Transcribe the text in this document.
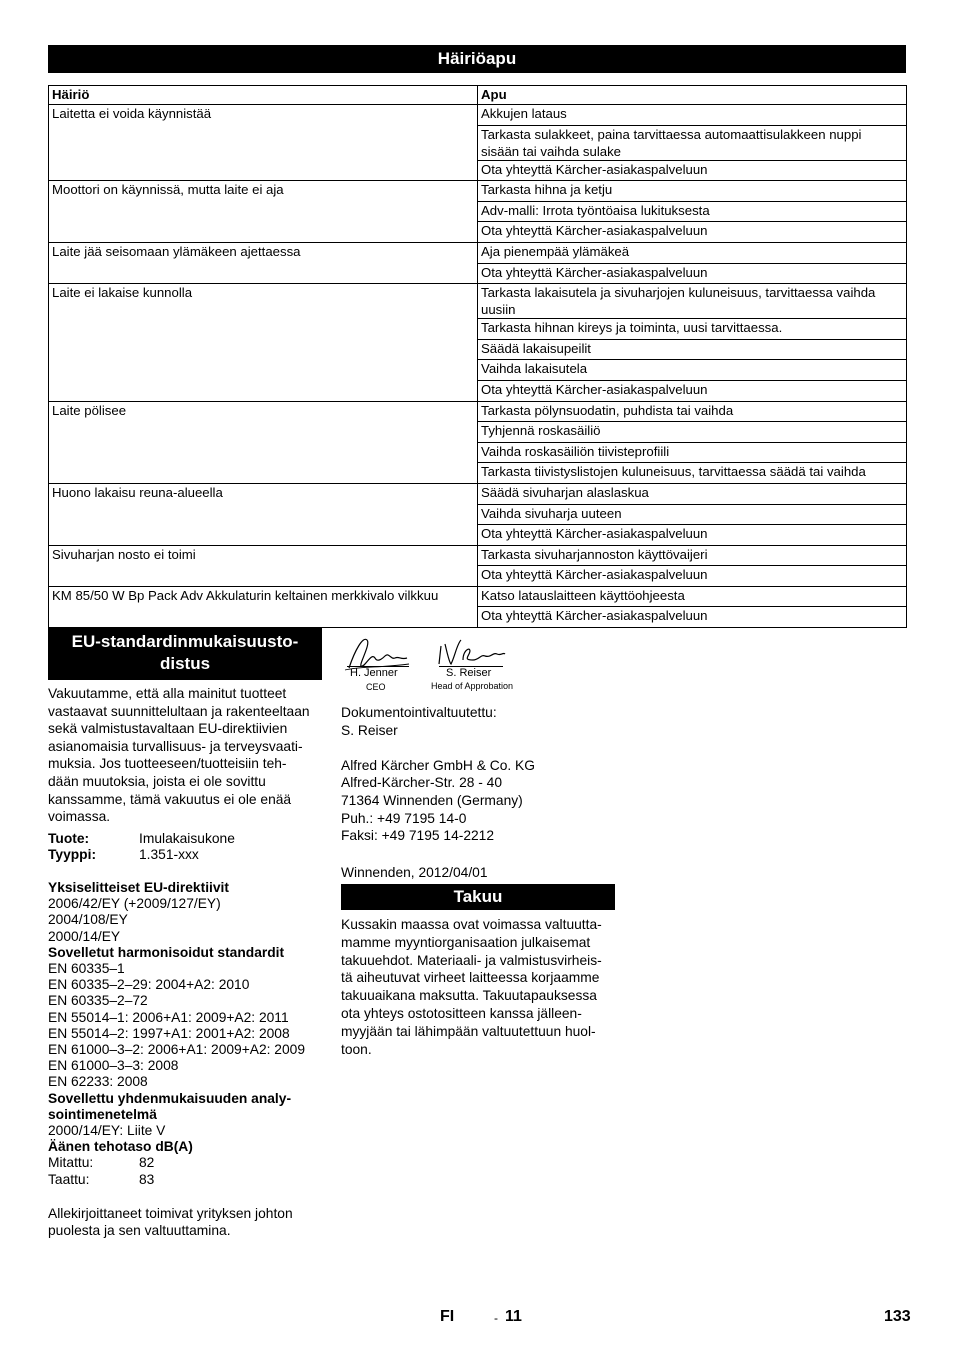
Häiriöapu
Häiriö	Apu
Laitetta ei voida käynnistää	Akkujen lataus
	Tarkasta sulakkeet, paina tarvittaessa automaattisulakkeen nuppi sisään tai vaihda sulake
	Ota yhteyttä Kärcher-asiakaspalveluun
Moottori on käynnissä, mutta laite ei aja	Tarkasta hihna ja ketju
	Adv-malli: Irrota työntöaisa lukituksesta
	Ota yhteyttä Kärcher-asiakaspalveluun
Laite jää seisomaan ylämäkeen ajettaessa	Aja pienempää ylämäkeä
	Ota yhteyttä Kärcher-asiakaspalveluun
Laite ei lakaise kunnolla	Tarkasta lakaisutela ja sivuharjojen kuluneisuus, tarvittaessa vaihda uusiin
	Tarkasta hihnan kireys ja toiminta, uusi tarvittaessa.
	Säädä lakaisupeilit
	Vaihda lakaisutela
	Ota yhteyttä Kärcher-asiakaspalveluun
Laite pölisee	Tarkasta pölynsuodatin, puhdista tai vaihda
	Tyhjennä roskasäiliö
	Vaihda roskasäiliön tiivisteprofiili
	Tarkasta tiivistyslistojen kuluneisuus, tarvittaessa säädä tai vaihda
Huono lakaisu reuna-alueella	Säädä sivuharjan alaslaskua
	Vaihda sivuharja uuteen
	Ota yhteyttä Kärcher-asiakaspalveluun
Sivuharjan nosto ei toimi	Tarkasta sivuharjannoston käyttövaijeri
	Ota yhteyttä Kärcher-asiakaspalveluun
KM 85/50 W Bp Pack Adv Akkulaturin keltainen merkkivalo vilkkuu	Katso latauslaitteen käyttöohjeesta
	Ota yhteyttä Kärcher-asiakaspalveluun
EU-standardinmukaisuusto-
distus
Vakuutamme, että alla mainitut tuotteet
vastaavat suunnittelultaan ja rakenteeltaan
sekä valmistustavaltaan EU-direktiivien
asianomaisia turvallisuus- ja terveysvaati-
muksia. Jos tuotteeseen/tuotteisiin teh-
dään muutoksia, joista ei ole sovittu
kanssamme, tämä vakuutus ei ole enää
voimassa.
Tuote:	Imulakaisukone
Tyyppi:	1.351-xxx
Yksiselitteiset EU-direktiivit
2006/42/EY (+2009/127/EY)
2004/108/EY
2000/14/EY
Sovelletut harmonisoidut standardit
EN 60335–1
EN 60335–2–29: 2004+A2: 2010
EN 60335–2–72
EN 55014–1: 2006+A1: 2009+A2: 2011
EN 55014–2: 1997+A1: 2001+A2: 2008
EN 61000–3–2: 2006+A1: 2009+A2: 2009
EN 61000–3–3: 2008
EN 62233: 2008
Sovellettu yhdenmukaisuuden analy-
sointimenetelmä
2000/14/EY: Liite V
Äänen tehotaso dB(A)
Mitattu:	82
Taattu:	83
Allekirjoittaneet toimivat yrityksen johton
puolesta ja sen valtuuttamina.
H. Jenner
CEO
S. Reiser
Head of Approbation
Dokumentointivaltuutettu:
S. Reiser
Alfred Kärcher GmbH & Co. KG
Alfred-Kärcher-Str. 28 - 40
71364 Winnenden (Germany)
Puh.: +49 7195 14-0
Faksi: +49 7195 14-2212
Winnenden, 2012/04/01
Takuu
Kussakin maassa ovat voimassa valtuutta-
mamme myyntiorganisaation julkaisemat
takuuehdot. Materiaali- ja valmistusvirheis-
tä aiheutuvat virheet laitteessa korjaamme
takuuaikana maksutta. Takuutapauksessa
ota yhteys ostotositteen kanssa jälleen-
myyjään tai lähimpään valtuutettuun huol-
toon.
FI	- 11	133
